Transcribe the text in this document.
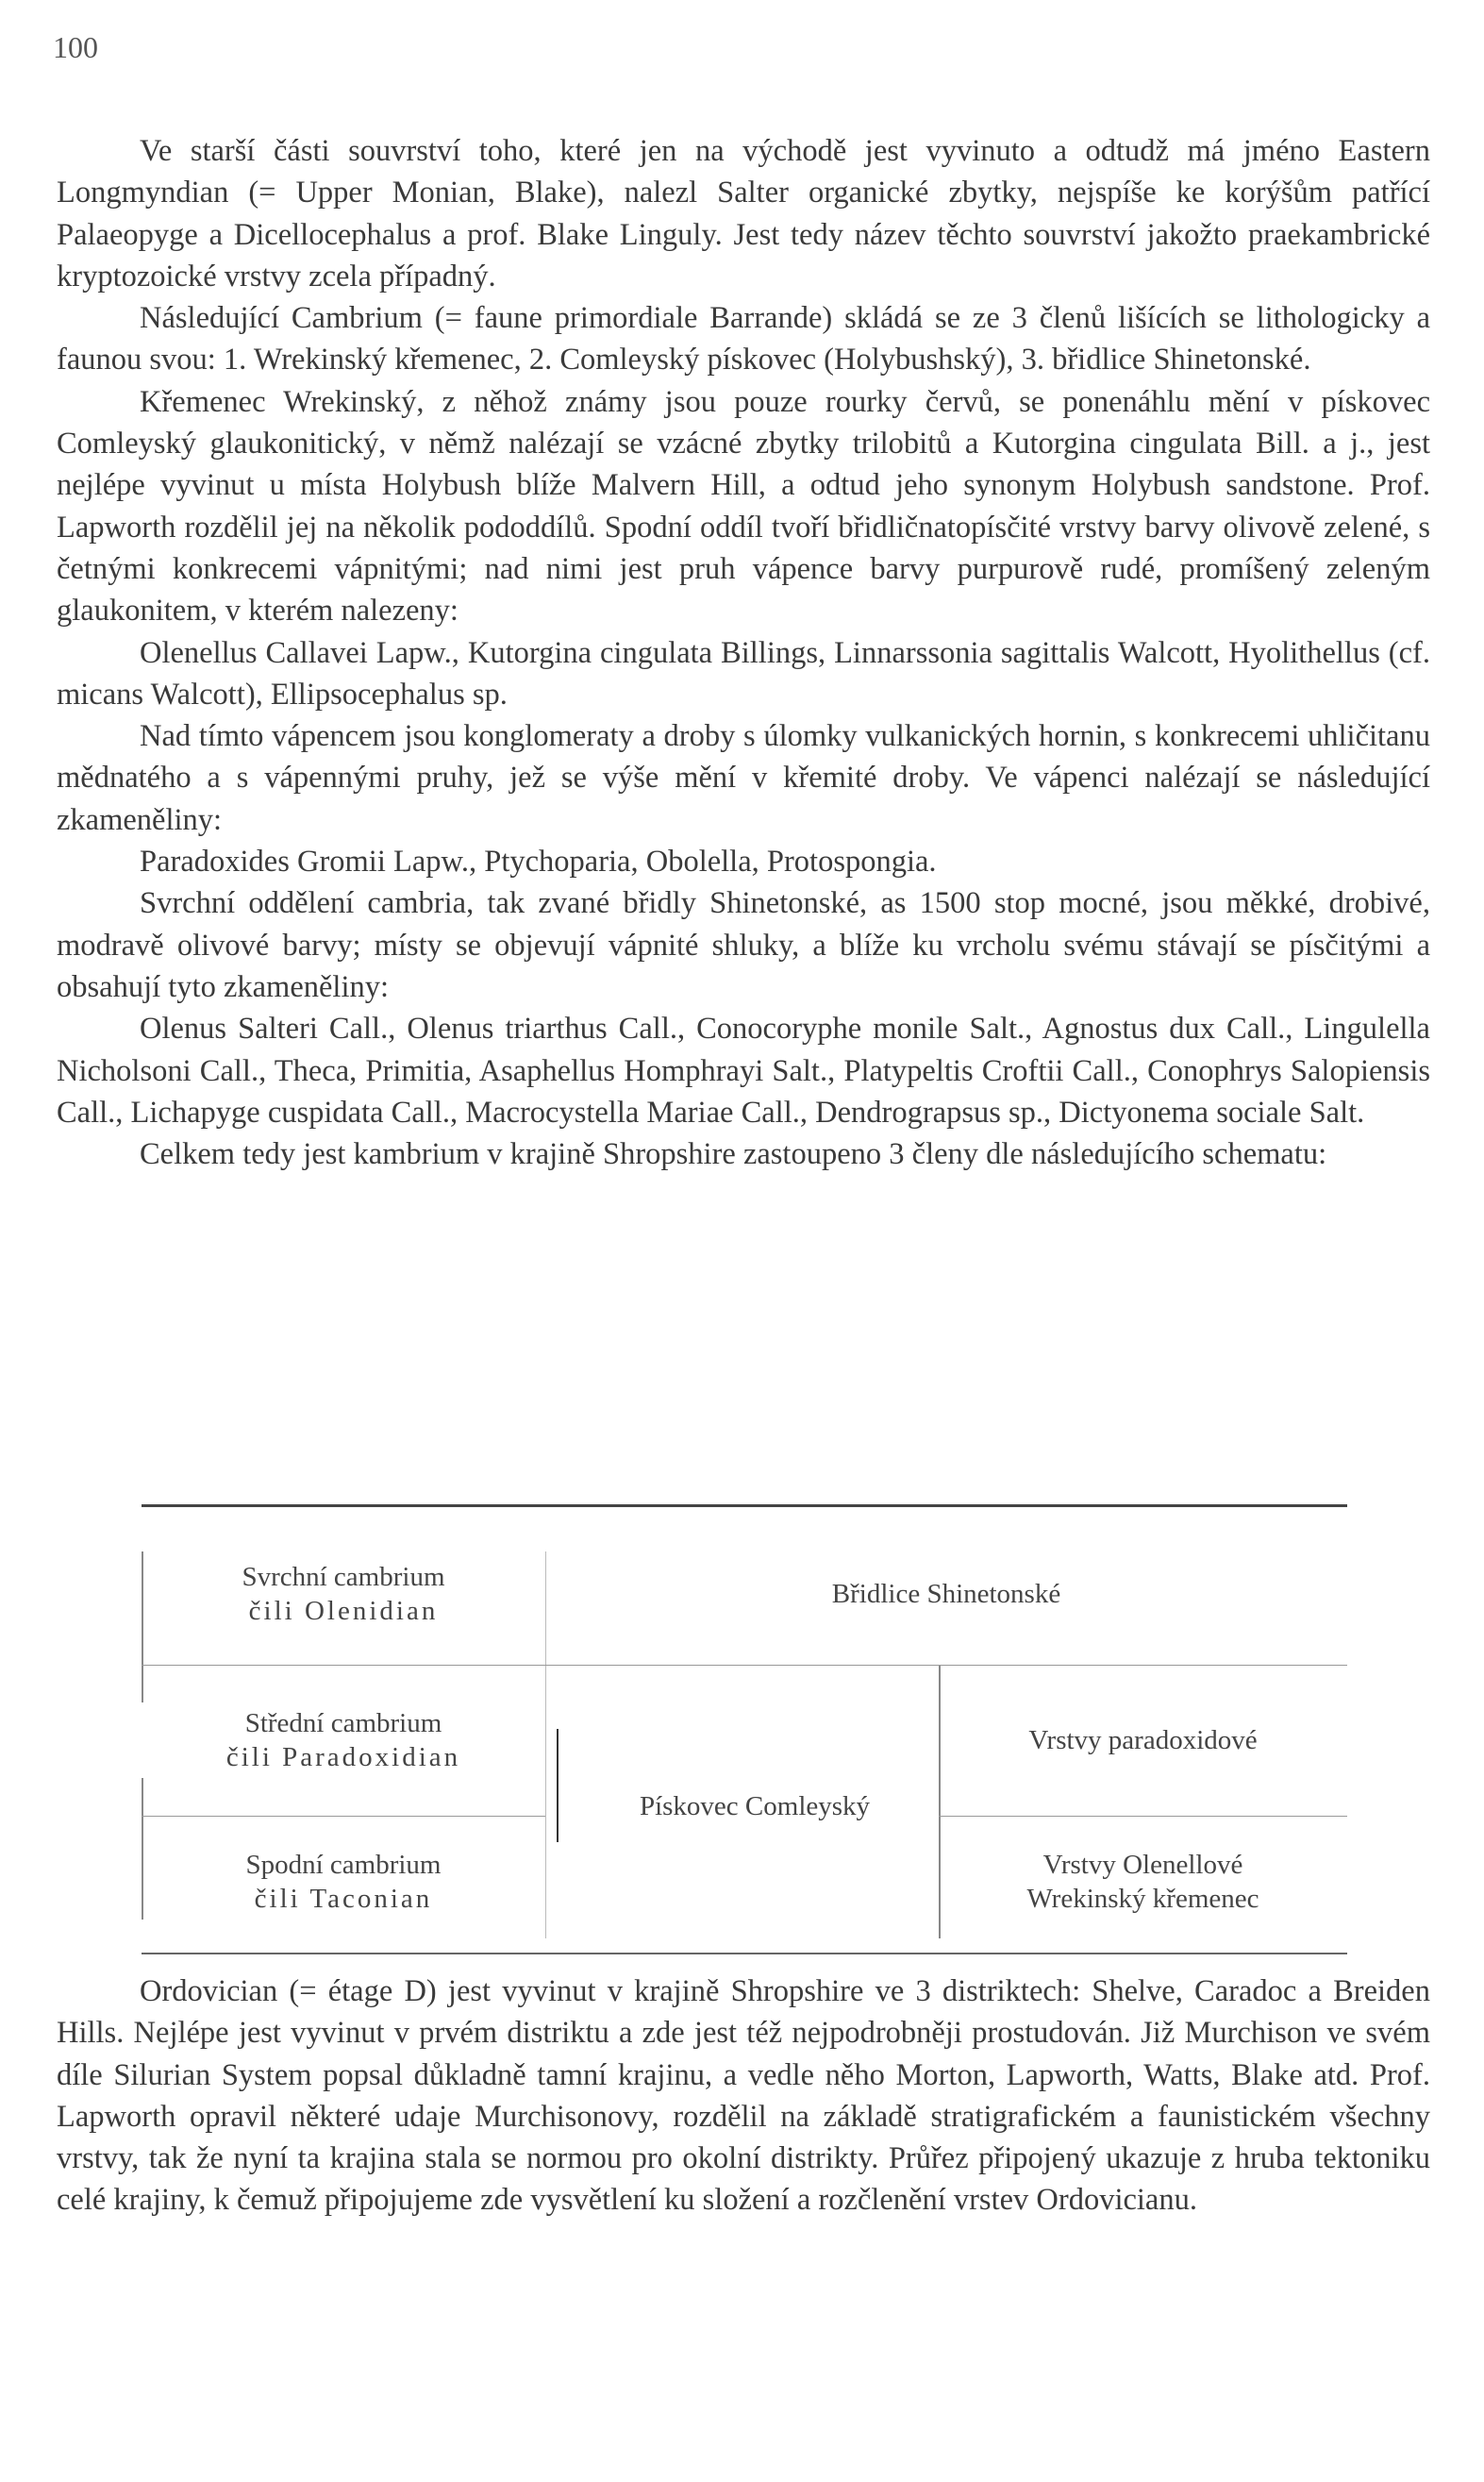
100

Ve starší části souvrství toho, které jen na východě jest vyvinuto a odtudž má jméno Eastern Longmyndian (= Upper Monian, Blake), nalezl Salter organické zbytky, nejspíše ke korýšům patřící Palaeopyge a Dicellocephalus a prof. Blake Linguly. Jest tedy název těchto souvrství jakožto praekambrické kryptozoické vrstvy zcela případný.

Následující Cambrium (= faune primordiale Barrande) skládá se ze 3 členů lišících se lithologicky a faunou svou: 1. Wrekinský křemenec, 2. Comleyský pískovec (Holybushský), 3. břidlice Shinetonské.

Křemenec Wrekinský, z něhož známy jsou pouze rourky červů, se ponenáhlu mění v pískovec Comleyský glaukonitický, v němž nalézají se vzácné zbytky trilobitů a Kutorgina cingulata Bill. a j., jest nejlépe vyvinut u místa Holybush blíže Malvern Hill, a odtud jeho synonym Holybush sandstone. Prof. Lapworth rozdělil jej na několik pododdílů. Spodní oddíl tvoří břidličnatopísčité vrstvy barvy olivově zelené, s četnými konkrecemi vápnitými; nad nimi jest pruh vápence barvy purpurově rudé, promíšený zeleným glaukonitem, v kterém nalezeny:

Olenellus Callavei Lapw., Kutorgina cingulata Billings, Linnarssonia sagittalis Walcott, Hyolithellus (cf. micans Walcott), Ellipsocephalus sp.

Nad tímto vápencem jsou konglomeraty a droby s úlomky vulkanických hornin, s konkrecemi uhličitanu mědnatého a s vápennými pruhy, jež se výše mění v křemité droby. Ve vápenci nalézají se následující zkameněliny:

Paradoxides Gromii Lapw., Ptychoparia, Obolella, Protospongia.

Svrchní oddělení cambria, tak zvané břidly Shinetonské, as 1500 stop mocné, jsou měkké, drobivé, modravě olivové barvy; místy se objevují vápnité shluky, a blíže ku vrcholu svému stávají se písčitými a obsahují tyto zkameněliny:

Olenus Salteri Call., Olenus triarthus Call., Conocoryphe monile Salt., Agnostus dux Call., Lingulella Nicholsoni Call., Theca, Primitia, Asaphellus Homphrayi Salt., Platypeltis Croftii Call., Conophrys Salopiensis Call., Lichapyge cuspidata Call., Macrocystella Mariae Call., Dendrograpsus sp., Dictyonema sociale Salt.

Celkem tedy jest kambrium v krajině Shropshire zastoupeno 3 členy dle následujícího schematu:

Svrchní cambrium
čili Olenidian
Břidlice Shinetonské
Střední cambrium
čili Paradoxidian
Vrstvy paradoxidové
Pískovec Comleyský
Spodní cambrium
čili Taconian
Vrstvy Olenellové
Wrekinský křemenec

Ordovician (= étage D) jest vyvinut v krajině Shropshire ve 3 distriktech: Shelve, Caradoc a Breiden Hills. Nejlépe jest vyvinut v prvém distriktu a zde jest též nejpodrobněji prostudován. Již Murchison ve svém díle Silurian System popsal důkladně tamní krajinu, a vedle něho Morton, Lapworth, Watts, Blake atd. Prof. Lapworth opravil některé udaje Murchisonovy, rozdělil na základě stratigrafickém a faunistickém všechny vrstvy, tak že nyní ta krajina stala se normou pro okolní distrikty. Průřez připojený ukazuje z hruba tektoniku celé krajiny, k čemuž připojujeme zde vysvětlení ku složení a rozčlenění vrstev Ordovicianu.
